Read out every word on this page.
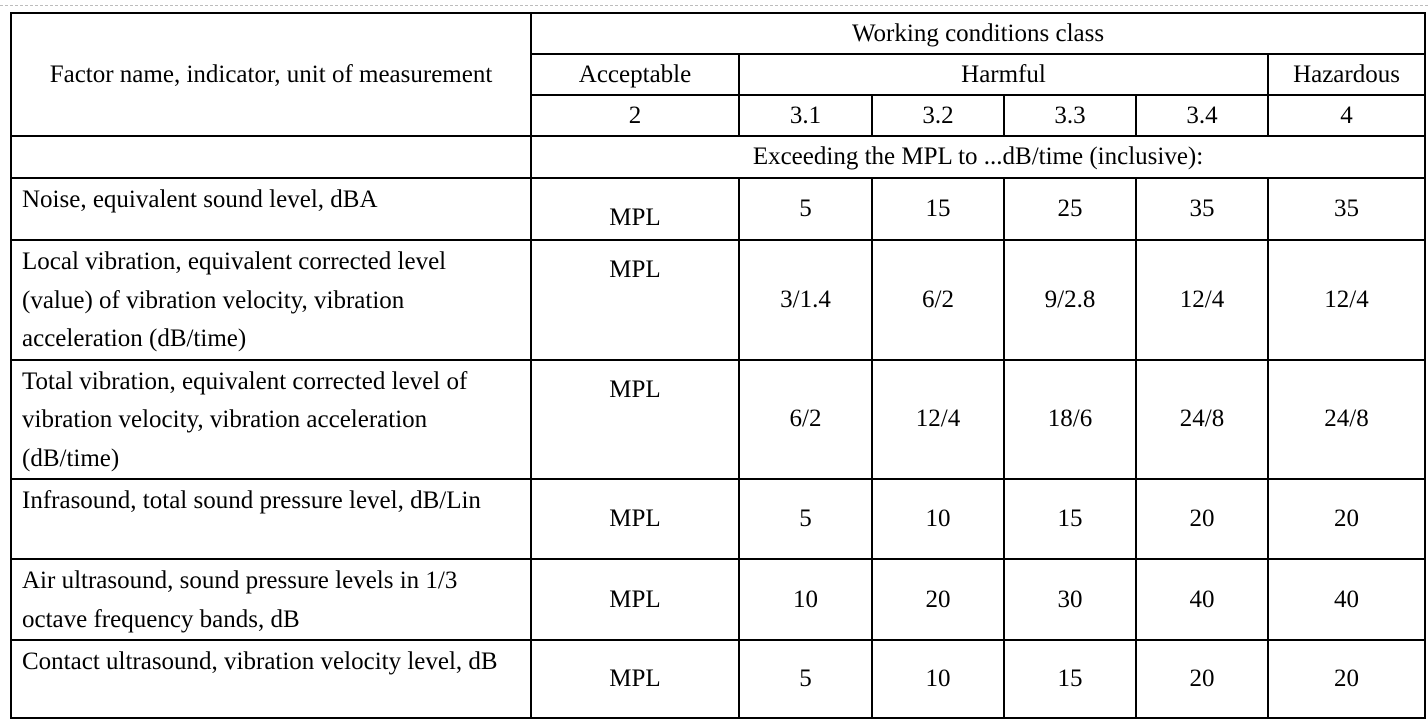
Factor name, indicator, unit of measurement	Working conditions class					
	Acceptable	Harmful				Hazardous
	2	3.1	3.2	3.3	3.4	4
	Exceeding the MPL to ...dB/time (inclusive):					
Noise, equivalent sound level, dBA	MPL	5	15	25	35	35
Local vibration, equivalent corrected level (value) of vibration velocity, vibration acceleration (dB/time)	MPL	3/1.4	6/2	9/2.8	12/4	12/4
Total vibration, equivalent corrected level of vibration velocity, vibration acceleration (dB/time)	MPL	6/2	12/4	18/6	24/8	24/8
Infrasound, total sound pressure level, dB/Lin	MPL	5	10	15	20	20
Air ultrasound, sound pressure levels in 1/3 octave frequency bands, dB	MPL	10	20	30	40	40
Contact ultrasound, vibration velocity level, dB	MPL	5	10	15	20	20
